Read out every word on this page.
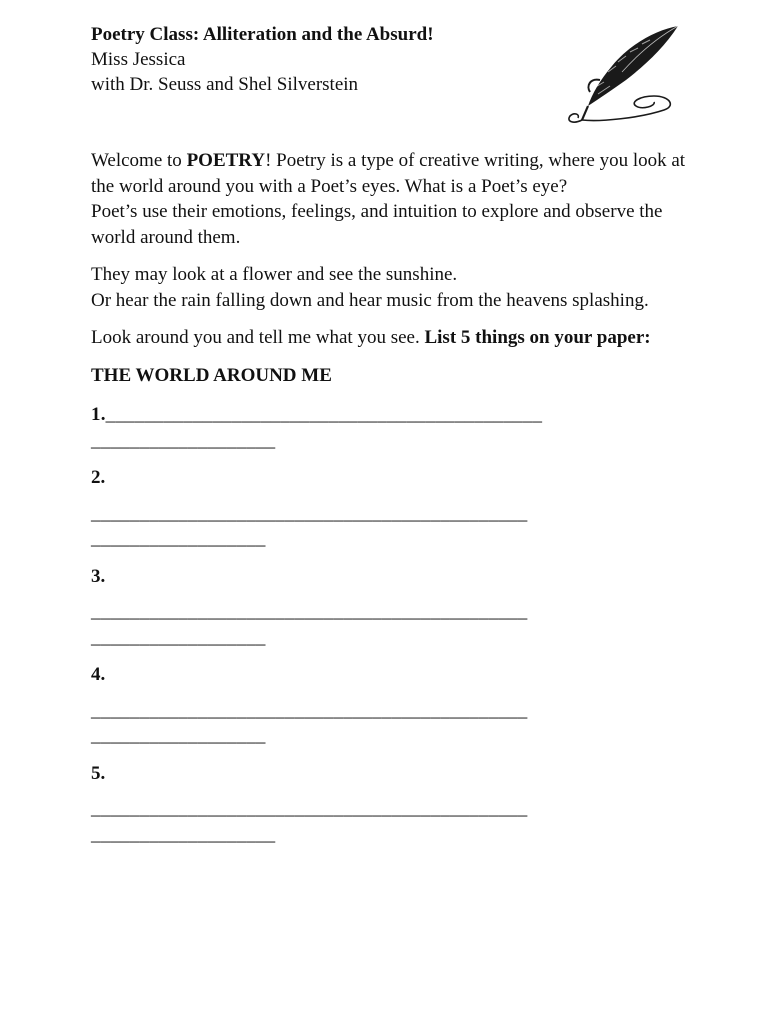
Poetry Class: Alliteration and the Absurd!
Miss Jessica
with Dr. Seuss and Shel Silverstein

Welcome to POETRY! Poetry is a type of creative writing, where you look at the world around you with a Poet’s eyes. What is a Poet’s eye?
Poet’s use their emotions, feelings, and intuition to explore and observe the world around them.

They may look at a flower and see the sunshine.
Or hear the rain falling down and hear music from the heavens splashing.

Look around you and tell me what you see. List 5 things on your paper:

THE WORLD AROUND ME

1._____________________________________________
___________________
2.
_____________________________________________
__________________
3.
_____________________________________________
__________________
4.
_____________________________________________
__________________
5.
_____________________________________________
___________________
